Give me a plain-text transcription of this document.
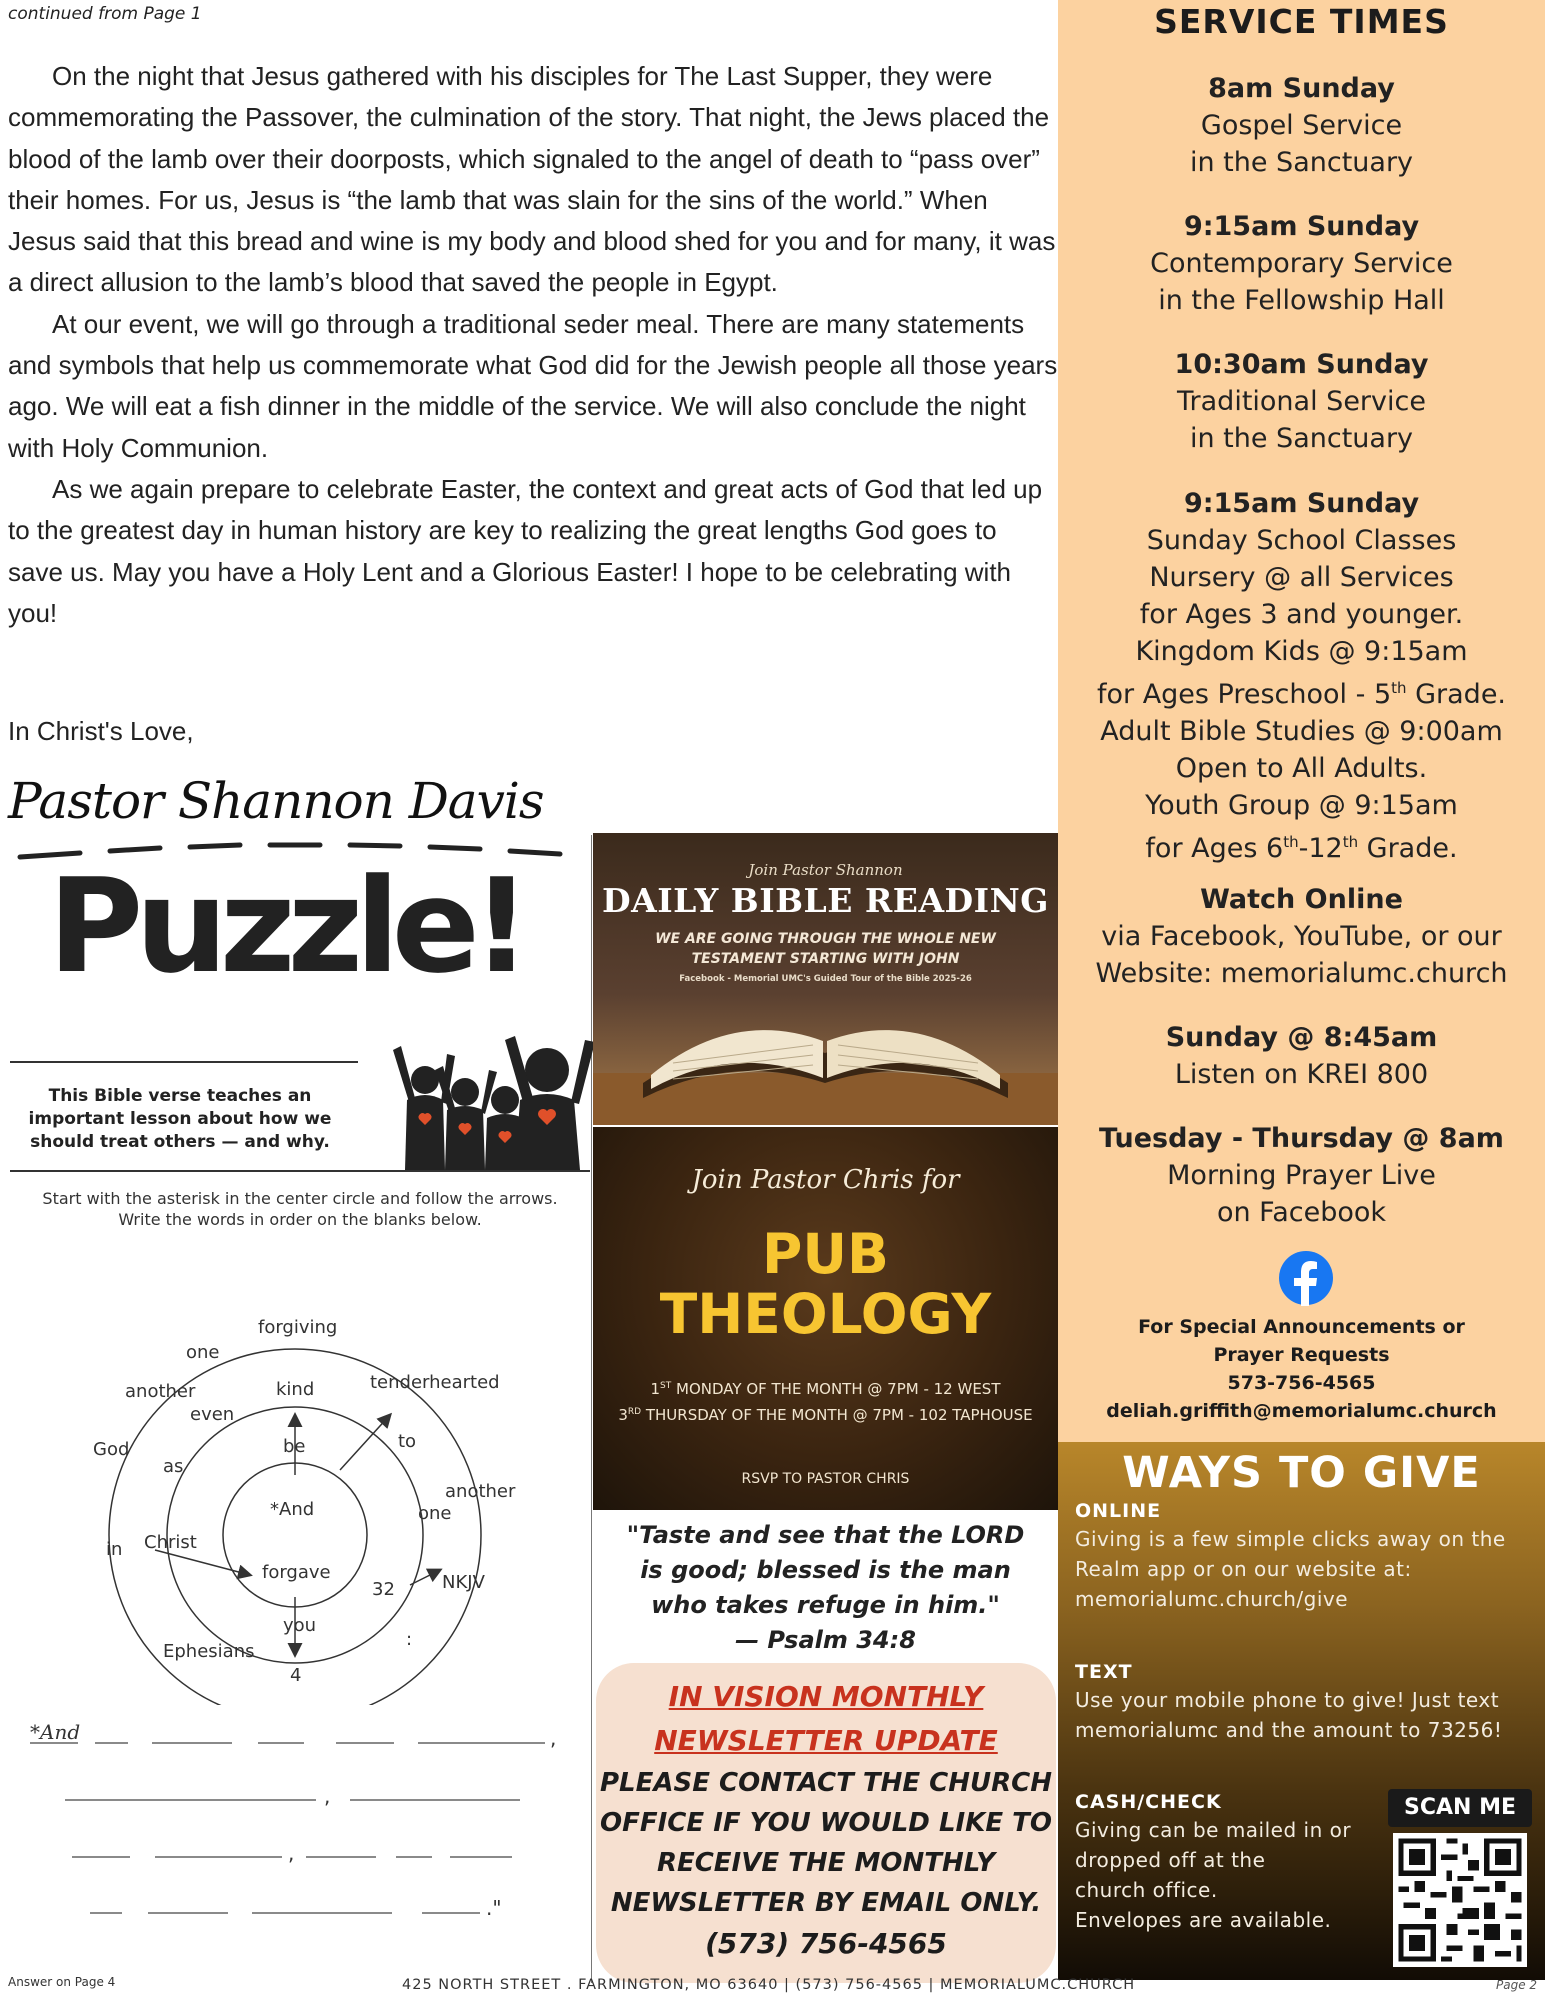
continued from Page 1

On the night that Jesus gathered with his disciples for The Last Supper, they were commemorating the Passover, the culmination of the story. That night, the Jews placed the blood of the lamb over their doorposts, which signaled to the angel of death to “pass over” their homes. For us, Jesus is “the lamb that was slain for the sins of the world.” When Jesus said that this bread and wine is my body and blood shed for you and for many, it was a direct allusion to the lamb’s blood that saved the people in Egypt.

At our event, we will go through a traditional seder meal. There are many statements and symbols that help us commemorate what God did for the Jewish people all those years ago. We will eat a fish dinner in the middle of the service. We will also conclude the night with Holy Communion.

As we again prepare to celebrate Easter, the context and great acts of God that led up to the greatest day in human history are key to realizing the great lengths God goes to save us. May you have a Holy Lent and a Glorious Easter! I hope to be celebrating with you!

In Christ's Love,
Pastor Shannon Davis
Puzzle!
This Bible verse teaches an important lesson about how we should treat others — and why.
Start with the asterisk in the center circle and follow the arrows.
Write the words in order on the blanks below.
forgiving
one
another	kind	tenderhearted
even
God	be	to
as
*And
another
one
Christ
in
forgave
32	NKJV
you
Ephesians
:
4
*And	,
,
,
."
Answer on Page 4
Join Pastor Shannon
DAILY BIBLE READING
WE ARE GOING THROUGH THE WHOLE NEW
TESTAMENT STARTING WITH JOHN
Facebook - Memorial UMC's Guided Tour of the Bible 2025-26
Join Pastor Chris for
PUB
THEOLOGY
1ST MONDAY OF THE MONTH @ 7PM - 12 WEST
3RD THURSDAY OF THE MONTH @ 7PM - 102 TAPHOUSE
RSVP TO PASTOR CHRIS
"Taste and see that the LORD
is good; blessed is the man
who takes refuge in him."
— Psalm 34:8
IN VISION MONTHLY
NEWSLETTER UPDATE
PLEASE CONTACT THE CHURCH
OFFICE IF YOU WOULD LIKE TO
RECEIVE THE MONTHLY
NEWSLETTER BY EMAIL ONLY.
(573) 756-4565
SERVICE TIMES
8am Sunday
Gospel Service
in the Sanctuary
9:15am Sunday
Contemporary Service
in the Fellowship Hall
10:30am Sunday
Traditional Service
in the Sanctuary
9:15am Sunday
Sunday School Classes
Nursery @ all Services
for Ages 3 and younger.
Kingdom Kids @ 9:15am
for Ages Preschool - 5th Grade.
Adult Bible Studies @ 9:00am
Open to All Adults.
Youth Group @ 9:15am
for Ages 6th-12th Grade.
Watch Online
via Facebook, YouTube, or our
Website: memorialumc.church
Sunday @ 8:45am
Listen on KREI 800
Tuesday - Thursday @ 8am
Morning Prayer Live
on Facebook
For Special Announcements or
Prayer Requests
573-756-4565
deliah.griffith@memorialumc.church
WAYS TO GIVE
ONLINE
Giving is a few simple clicks away on the
Realm app or on our website at:
memorialumc.church/give
TEXT
Use your mobile phone to give! Just text
memorialumc and the amount to 73256!
CASH/CHECK
Giving can be mailed in or
dropped off at the
church office.
Envelopes are available.
SCAN ME
425 NORTH STREET . FARMINGTON, MO 63640 | (573) 756-4565 | MEMORIALUMC.CHURCH	Page 2
